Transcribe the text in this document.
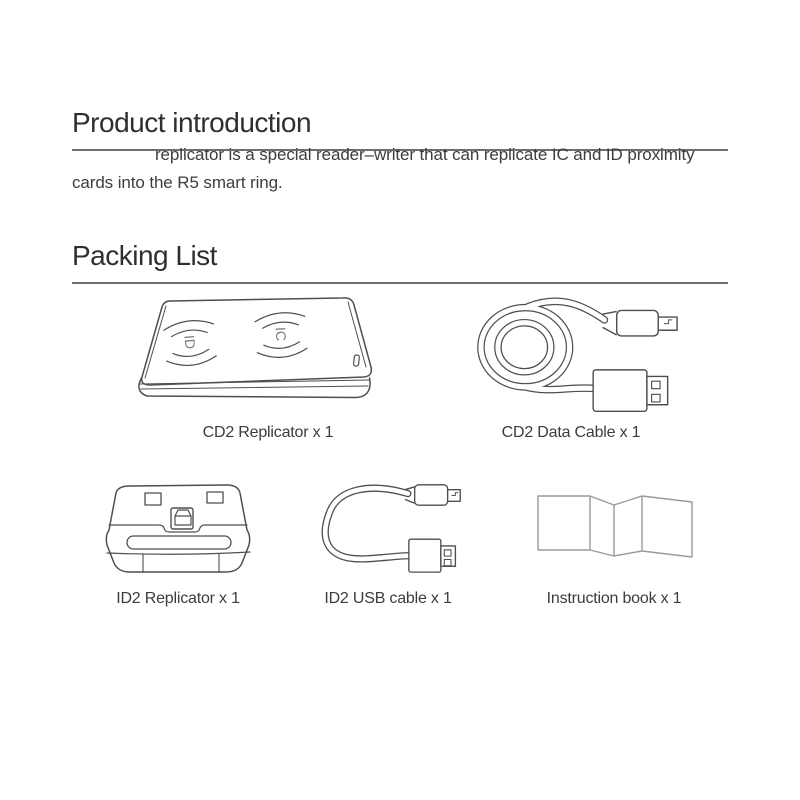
Product introduction
replicator is a special reader–writer that can replicate IC and ID proximity
cards into the R5 smart ring.
Packing List
ID
IC
CD2 Replicator x 1	CD2 Data Cable x 1
ID2 Replicator x 1	ID2 USB cable x 1	Instruction book x 1
